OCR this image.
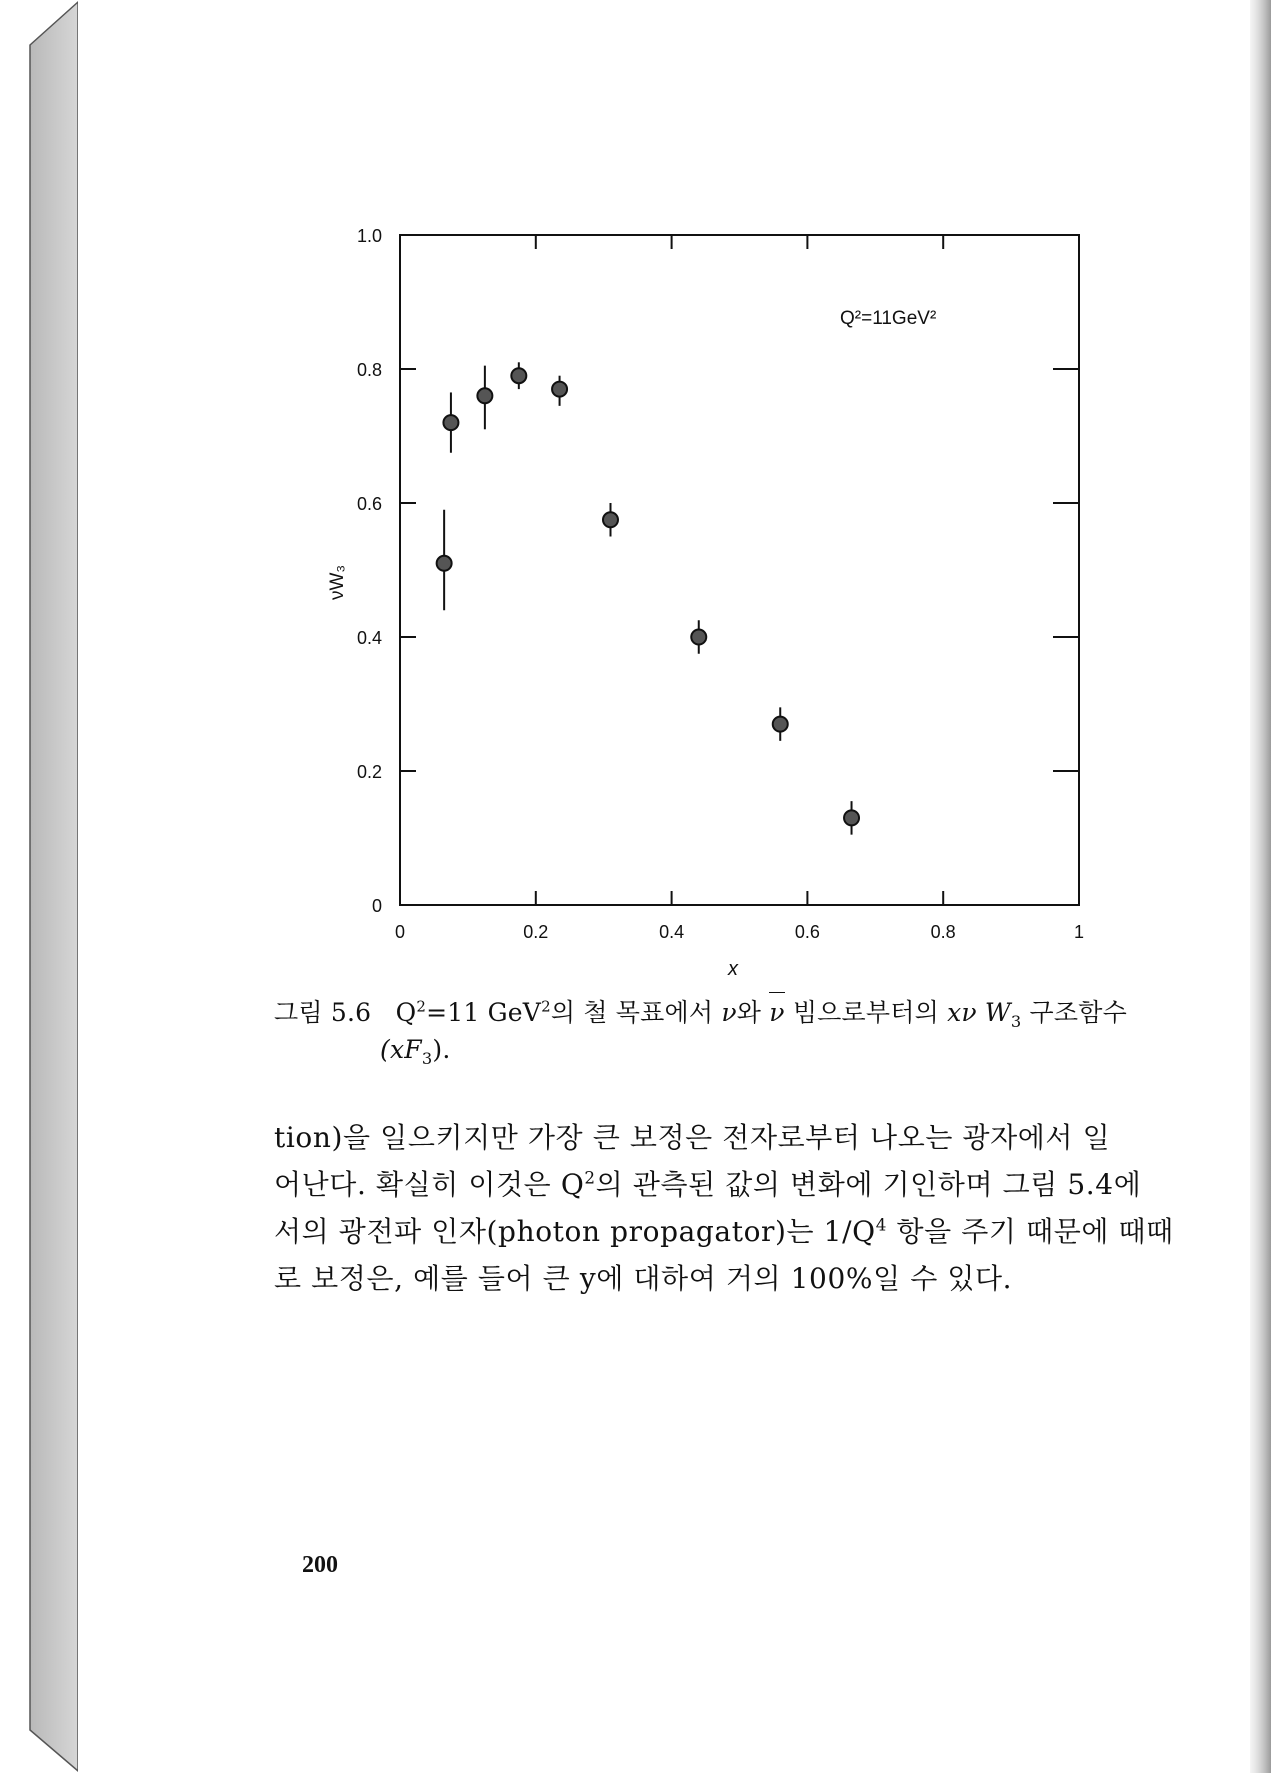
0	0.2	0.4	0.6	0.8	1
0
0.2
0.4
0.6
0.8
1.0
Q²=11GeV²
x
νW₃
그림 5.6 $Q^2=11$ GeV$^2$의 철 목표에서 ν와 ν 빔으로부터의 xν $W_3$ 구조함수
$(xF_3)$.
tion)을 일으키지만 가장 큰 보정은 전자로부터 나오는 광자에서 일
어난다. 확실히 이것은 $Q^2$의 관측된 값의 변화에 기인하며 그림 5.4에
서의 광전파 인자(photon propagator)는 $1/Q^4$ 항을 주기 때문에 때때
로 보정은, 예를 들어 큰 y에 대하여 거의 100%일 수 있다.
200
